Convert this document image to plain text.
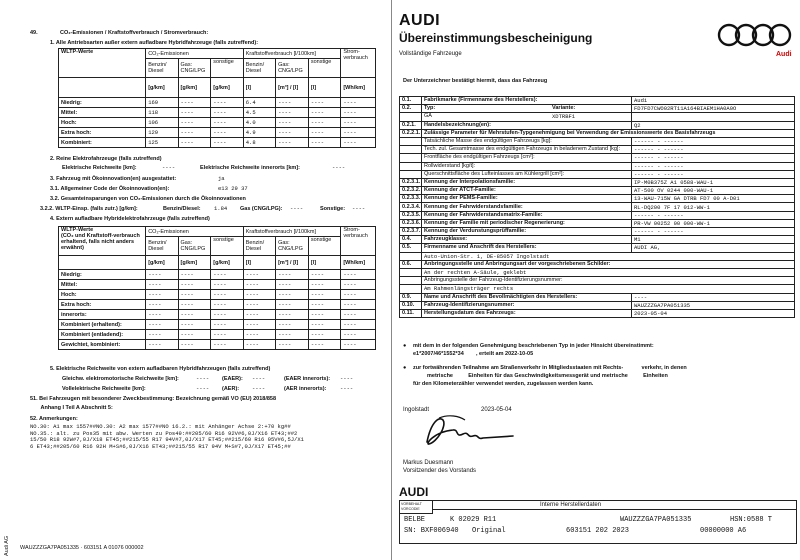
49.	CO₂-Emissionen / Kraftstoffverbrauch / Stromverbrauch:
1. Alle Antriebsarten außer extern aufladbare Hybridfahrzeuge (falls zutreffend):
WLTP-Werte	CO₂-Emissionen			Kraftstoffverbrauch [l/100km]			Strom-verbrauch
	Benzin/ Diesel	Gas: CNG/LPG	sonstige	Benzin/ Diesel	Gas: CNG/LPG	sonstige	
	[g/km]	[g/km]	[g/km]	[l]	[m³] / [l]	[l]	[Wh/km]
Niedrig:	169	----	----	6.4	----	----	----
Mittel:	118	----	----	4.5	----	----	----
Hoch:	106	----	----	4.0	----	----	----
Extra hoch:	129	----	----	4.9	----	----	----
Kombiniert:	125	----	----	4.8	----	----	----
2. Reine Elektrofahrzeuge (falls zutreffend)
Elektrische Reichweite [km]:	----	Elektrische Reichweite innerorts [km]:	----
3. Fahrzeug mit Ökoinnovation(en) ausgestattet:	ja
3.1. Allgemeiner Code der Ökoinnovation(en):	e13 29 37
3.2. Gesamteinsparungen von CO₂-Emissionen durch die Ökoinnovationen
3.2.2. WLTP-Einsp. (falls zutr.) [g/km]:	Benzin/Diesel: 1.84 Gas (CNG/LPG): ----	Sonstige: ----
4. Extern aufladbare Hybridelektrofahrzeuge (falls zutreffend)
WLTP-Werte
(CO₂ und Kraftstoff-verbrauch erhaltend, falls nicht anders erwähnt)	CO₂-Emissionen			Kraftstoffverbrauch [l/100km]			Strom-verbrauch
	Benzin/ Diesel	Gas: CNG/LPG	sonstige	Benzin/ Diesel	Gas: CNG/LPG	sonstige	
	[g/km]	[g/km]	[g/km]	[l]	[m³] / [l]	[l]	[Wh/km]
Niedrig:	----	----	----	----	----	----	----
Mittel:	----	----	----	----	----	----	----
Hoch:	----	----	----	----	----	----	----
Extra hoch:	----	----	----	----	----	----	----
innerorts:	----	----	----	----	----	----	----
Kombiniert (erhaltend):	----	----	----	----	----	----	----
Kombiniert (entladend):	----	----	----	----	----	----	----
Gewichtet, kombiniert:	----	----	----	----	----	----	----
5. Elektrische Reichweite von extern aufladbaren Hybridfahrzeugen (falls zutreffend)
Gleichw. elektromotorische Reichweite [km]:	---- (EAER): ----	(EAER innerorts): ----
Vollelektrische Reichweite [km]:	---- (AER): ----	(AER innerorts): ----
51. Bei Fahrzeugen mit besonderer Zweckbestimmung: Bezeichnung gemäß VO (EU) 2018/858
Anhang I Teil A Abschnitt 5:
52. Anmerkungen:
NO.30: A1 max 1557##NO.30: A2 max 1577##NO 16.2.: mit Anhänger Achse 2:+70 kg##
NO.35.: alt. zu Pos35 mit abw. Werten zu Pos49:##205/60 R16 92V#6,0J/X16 ET43;##2
15/50 R18 92W#7,0J/X18 ET45;##215/55 R17 94V#7,0J/X17 ET45;##215/60 R16 95V#6,5J/X1
6 ET43;##205/60 R16 92H M+S#6,0J/X16 ET43;##215/55 R17 94V M+S#7,0J/X17 ET45;##
WAUZZZGA7PA051335 · 603151 A 01076 000002
Audi AG
AUDI
Übereinstimmungsbescheinigung
Vollständige Fahrzeuge	Audi
Der Unterzeichner bestätigt hiermit, dass das Fahrzeug
0.1.	Fabrikmarke (Firmenname des Herstellers):	Audi
0.2.	Typ: Variante:	FD7FD7CWO02RT11A164BIAEM1HA0A0O
	GA XDTRBF1	

0.2.1.	Handelsbezeichnung(en):	Q2
0.2.2.1.	Zulässige Parameter für Mehrstufen-Typgenehmigung bei Verwendung der Emissionswerte des Basisfahrzeugs	
	Tatsächliche Masse des endgültigen Fahrzeugs [kg]:	------ - ------
	Tech. zul. Gesamtmasse des endgültigen Fahrzeugs in beladenem Zustand [kg]:	------ - ------
	Frontfläche des endgültigen Fahrzeugs [cm²]:	------ - ------
	Rollwiderstand [kg/t]:	------ - ------
	Querschnittsfläche des Lufteinlasses am Kühlergrill [cm²]:	------ - ------
0.2.3.1.	Kennung der Interpolationsfamilie:	IP-M0B375Z A1 0588-WAU-1
0.2.3.2.	Kennung der ATCT-Familie:	AT-500 OV 0244 000-WAU-1
0.2.3.3.	Kennung der PEMS-Familie:	13-WAU-715W GA DTRB FD7 00 A-D01
0.2.3.4.	Kennung der Fahrwiderstandsfamilie:	RL-DQ200 7F 17 012-WW-1
0.2.3.5.	Kennung der Fahrwiderstandsmatrix-Familie:	------ - ------
0.2.3.6.	Kennung der Familie mit periodischer Regenerierung:	PR-VW 00252 00 000-WW-1
0.2.3.7.	Kennung der Verdunstungsprüffamilie:	------ - ------
0.4.	Fahrzeugklasse:	M1
0.5.	Firmenname und Anschrift des Herstellers:	AUDI AG,
	Auto-Union-Str. 1, DE-85057 Ingolstadt	
0.6.	Anbringungsstelle und Anbringungsart der vorgeschriebenen Schilder:	
	An der rechten A-Säule, geklebt	
	Anbringungsstelle der Fahrzeug-Identifizierungsnummer:	
	Am Rahmenlängsträger rechts	
0.9.	Name und Anschrift des Bevollmächtigten des Herstellers:	----
0.10.	Fahrzeug-Identifizierungsnummer:	WAUZZZGA7PA051335
0.11.	Herstellungsdatum des Fahrzeugs:	2023-05-04
● mit dem in der folgenden Genehmigung beschriebenen Typ in jeder Hinsicht übereinstimmt:
e1*2007/46*1552*34        , erteilt am 2022-10-05
● zur fortwährenden Teilnahme am Straßenverkehr in Mitgliedsstaaten mit Rechts-            verkehr, in denen
metrische          Einheiten für das Geschwindigkeitsmessgerät und metrische          Einheiten
für den Kilometerzähler verwendet werden, zugelassen werden kann.
Ingolstadt	2023-05-04
Markus Duesmann
Vorsitzender des Vorstands
AUDI
VORBEHALT
VORCODIE
Interne Herstellerdaten
BELBE	K 02029 R11	WAUZZZGA7PA051335	HSN:0588 T
SN: BXF006940 Original	603151 202 2023	00000000 A6
